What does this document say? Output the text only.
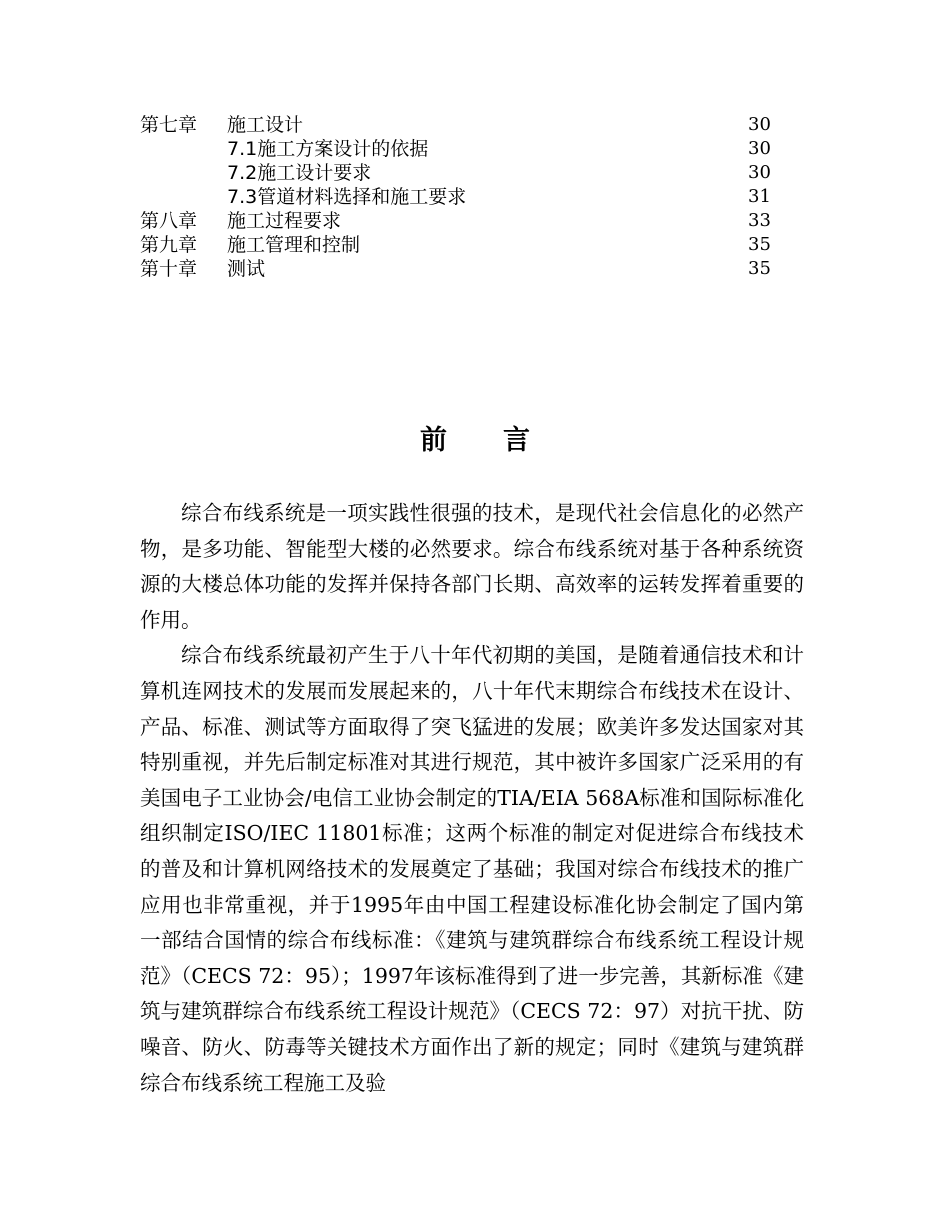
第七章	施工设计	30
7.1施工方案设计的依据	30
7.2施工设计要求	30
7.3管道材料选择和施工要求	31
第八章	施工过程要求	33
第九章	施工管理和控制	35
第十章	测试	35
前言

综合布线系统是一项实践性很强的技术，是现代社会信息化的必然产物，是多功能、智能型大楼的必然要求。综合布线系统对基于各种系统资源的大楼总体功能的发挥并保持各部门长期、高效率的运转发挥着重要的作用。

综合布线系统最初产生于八十年代初期的美国，是随着通信技术和计算机连网技术的发展而发展起来的，八十年代末期综合布线技术在设计、产品、标准、测试等方面取得了突飞猛进的发展；欧美许多发达国家对其特别重视，并先后制定标准对其进行规范，其中被许多国家广泛采用的有美国电子工业协会/电信工业协会制定的TIA/EIA 568A标准和国际标准化组织制定ISO/IEC 11801标准；这两个标准的制定对促进综合布线技术的普及和计算机网络技术的发展奠定了基础；我国对综合布线技术的推广应用也非常重视，并于1995年由中国工程建设标准化协会制定了国内第一部结合国情的综合布线标准：《建筑与建筑群综合布线系统工程设计规范》（CECS 72：95）；1997年该标准得到了进一步完善，其新标准《建筑与建筑群综合布线系统工程设计规范》（CECS 72：97）对抗干扰、防噪音、防火、防毒等关键技术方面作出了新的规定；同时《建筑与建筑群综合布线系统工程施工及验
